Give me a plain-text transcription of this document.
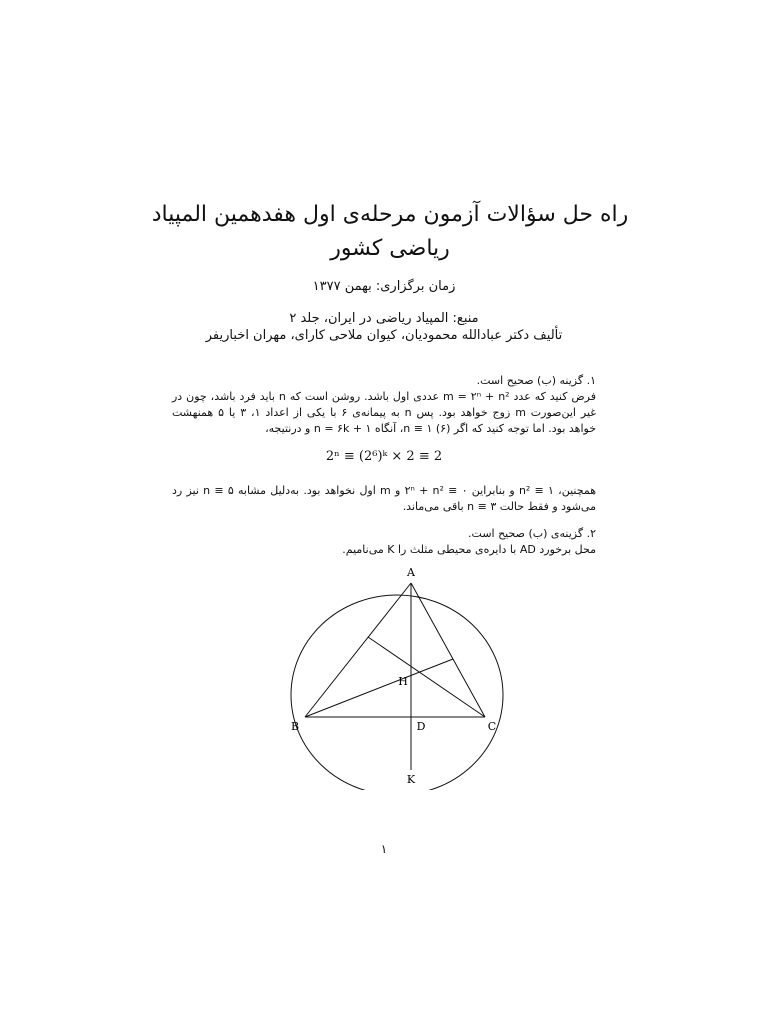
راه حل سؤالات آزمون مرحله‌ی اول هفدهمین المپیاد ریاضی کشور
زمان برگزاری: بهمن ۱۳۷۷
منبع: المپیاد ریاضی در ایران، جلد ۲
تألیف دکتر عبادالله محمودیان، کیوان ملاحی کارای، مهران اخباریفر
۱. گزینه (ب) صحیح است.
فرض کنید که عدد m = ۲ⁿ + n² عددی اول باشد. روشن است که n باید فرد باشد، چون در غیر این‌صورت m زوج خواهد بود. پس n به پیمانه‌ی ۶ با یکی از اعداد ۱، ۳ یا ۵ همنهشت خواهد بود. اما توجه کنید که اگر n ≡ ۱ (۶)، آنگاه n = ۶k + ۱ و درنتیجه،
2ⁿ ≡ (2⁶)ᵏ × 2 ≡ 2
همچنین، n² ≡ ۱ و بنابراین ۲ⁿ + n² ≡ ۰ و m اول نخواهد بود. به‌دلیل مشابه n ≡ ۵ نیز رد می‌شود و فقط حالت n ≡ ۳ باقی می‌ماند.
۲. گزینه‌ی (ب) صحیح است.
محل برخورد AD با دایره‌ی محیطی مثلث را K می‌نامیم.
A
B	C
D
H
K
۱
